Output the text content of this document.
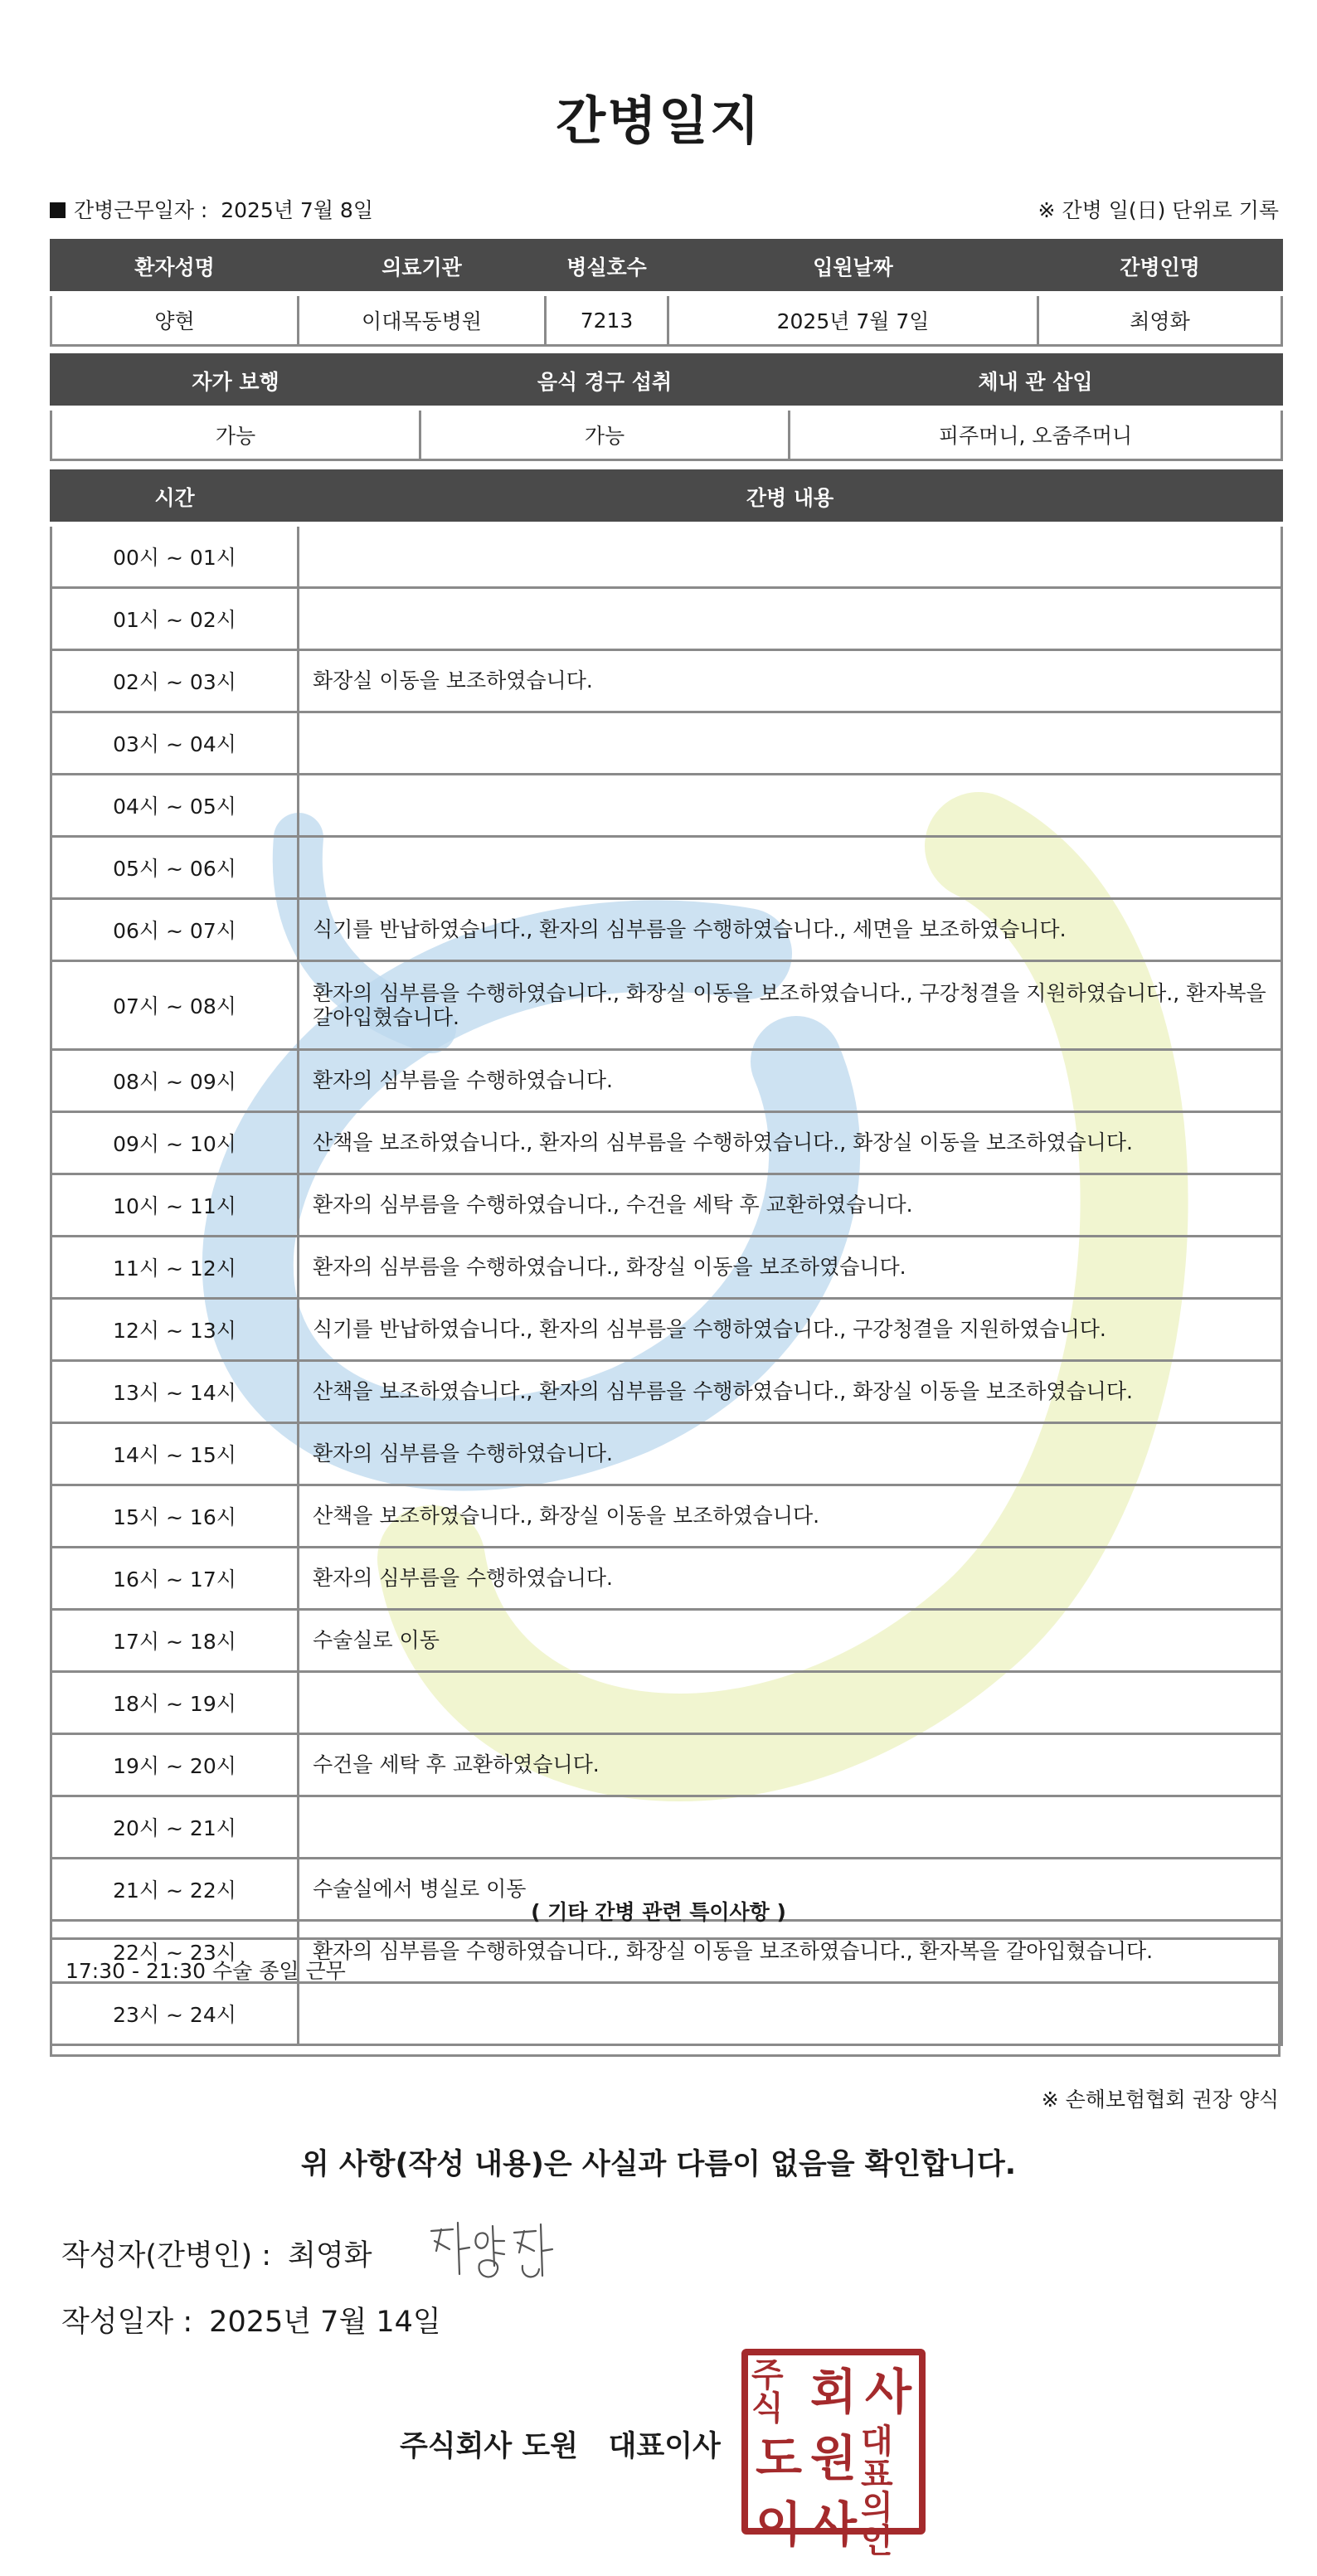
간병일지
간병근무일자 : 2025년 7월 8일	※ 간병 일(日) 단위로 기록
환자성명	의료기관	병실호수	입원날짜	간병인명
양현	이대목동병원	7213	2025년 7월 7일	최영화
자가 보행	음식 경구 섭취	체내 관 삽입
가능	가능	피주머니, 오줌주머니
시간	간병 내용
00시 ~ 01시	
01시 ~ 02시	
02시 ~ 03시	화장실 이동을 보조하였습니다.
03시 ~ 04시	
04시 ~ 05시	
05시 ~ 06시	
06시 ~ 07시	식기를 반납하였습니다., 환자의 심부름을 수행하였습니다., 세면을 보조하였습니다.
07시 ~ 08시	환자의 심부름을 수행하였습니다., 화장실 이동을 보조하였습니다., 구강청결을 지원하였습니다., 환자복을 갈아입혔습니다.
08시 ~ 09시	환자의 심부름을 수행하였습니다.
09시 ~ 10시	산책을 보조하였습니다., 환자의 심부름을 수행하였습니다., 화장실 이동을 보조하였습니다.
10시 ~ 11시	환자의 심부름을 수행하였습니다., 수건을 세탁 후 교환하였습니다.
11시 ~ 12시	환자의 심부름을 수행하였습니다., 화장실 이동을 보조하였습니다.
12시 ~ 13시	식기를 반납하였습니다., 환자의 심부름을 수행하였습니다., 구강청결을 지원하였습니다.
13시 ~ 14시	산책을 보조하였습니다., 환자의 심부름을 수행하였습니다., 화장실 이동을 보조하였습니다.
14시 ~ 15시	환자의 심부름을 수행하였습니다.
15시 ~ 16시	산책을 보조하였습니다., 화장실 이동을 보조하였습니다.
16시 ~ 17시	환자의 심부름을 수행하였습니다.
17시 ~ 18시	수술실로 이동
18시 ~ 19시	
19시 ~ 20시	수건을 세탁 후 교환하였습니다.
20시 ~ 21시	
21시 ~ 22시	수술실에서 병실로 이동
22시 ~ 23시	환자의 심부름을 수행하였습니다., 화장실 이동을 보조하였습니다., 환자복을 갈아입혔습니다.
23시 ~ 24시	
( 기타 간병 관련 특이사항 )
17:30 - 21:30 수술 종일 근무
※ 손해보험협회 권장 양식
위 사항(작성 내용)은 사실과 다름이 없음을 확인합니다.
작성자(간병인) : 최영화
작성일자 : 2025년 7월 14일
주식회사 도원   대표이사
주식 회 사
도 원 대표
이 사 의인
